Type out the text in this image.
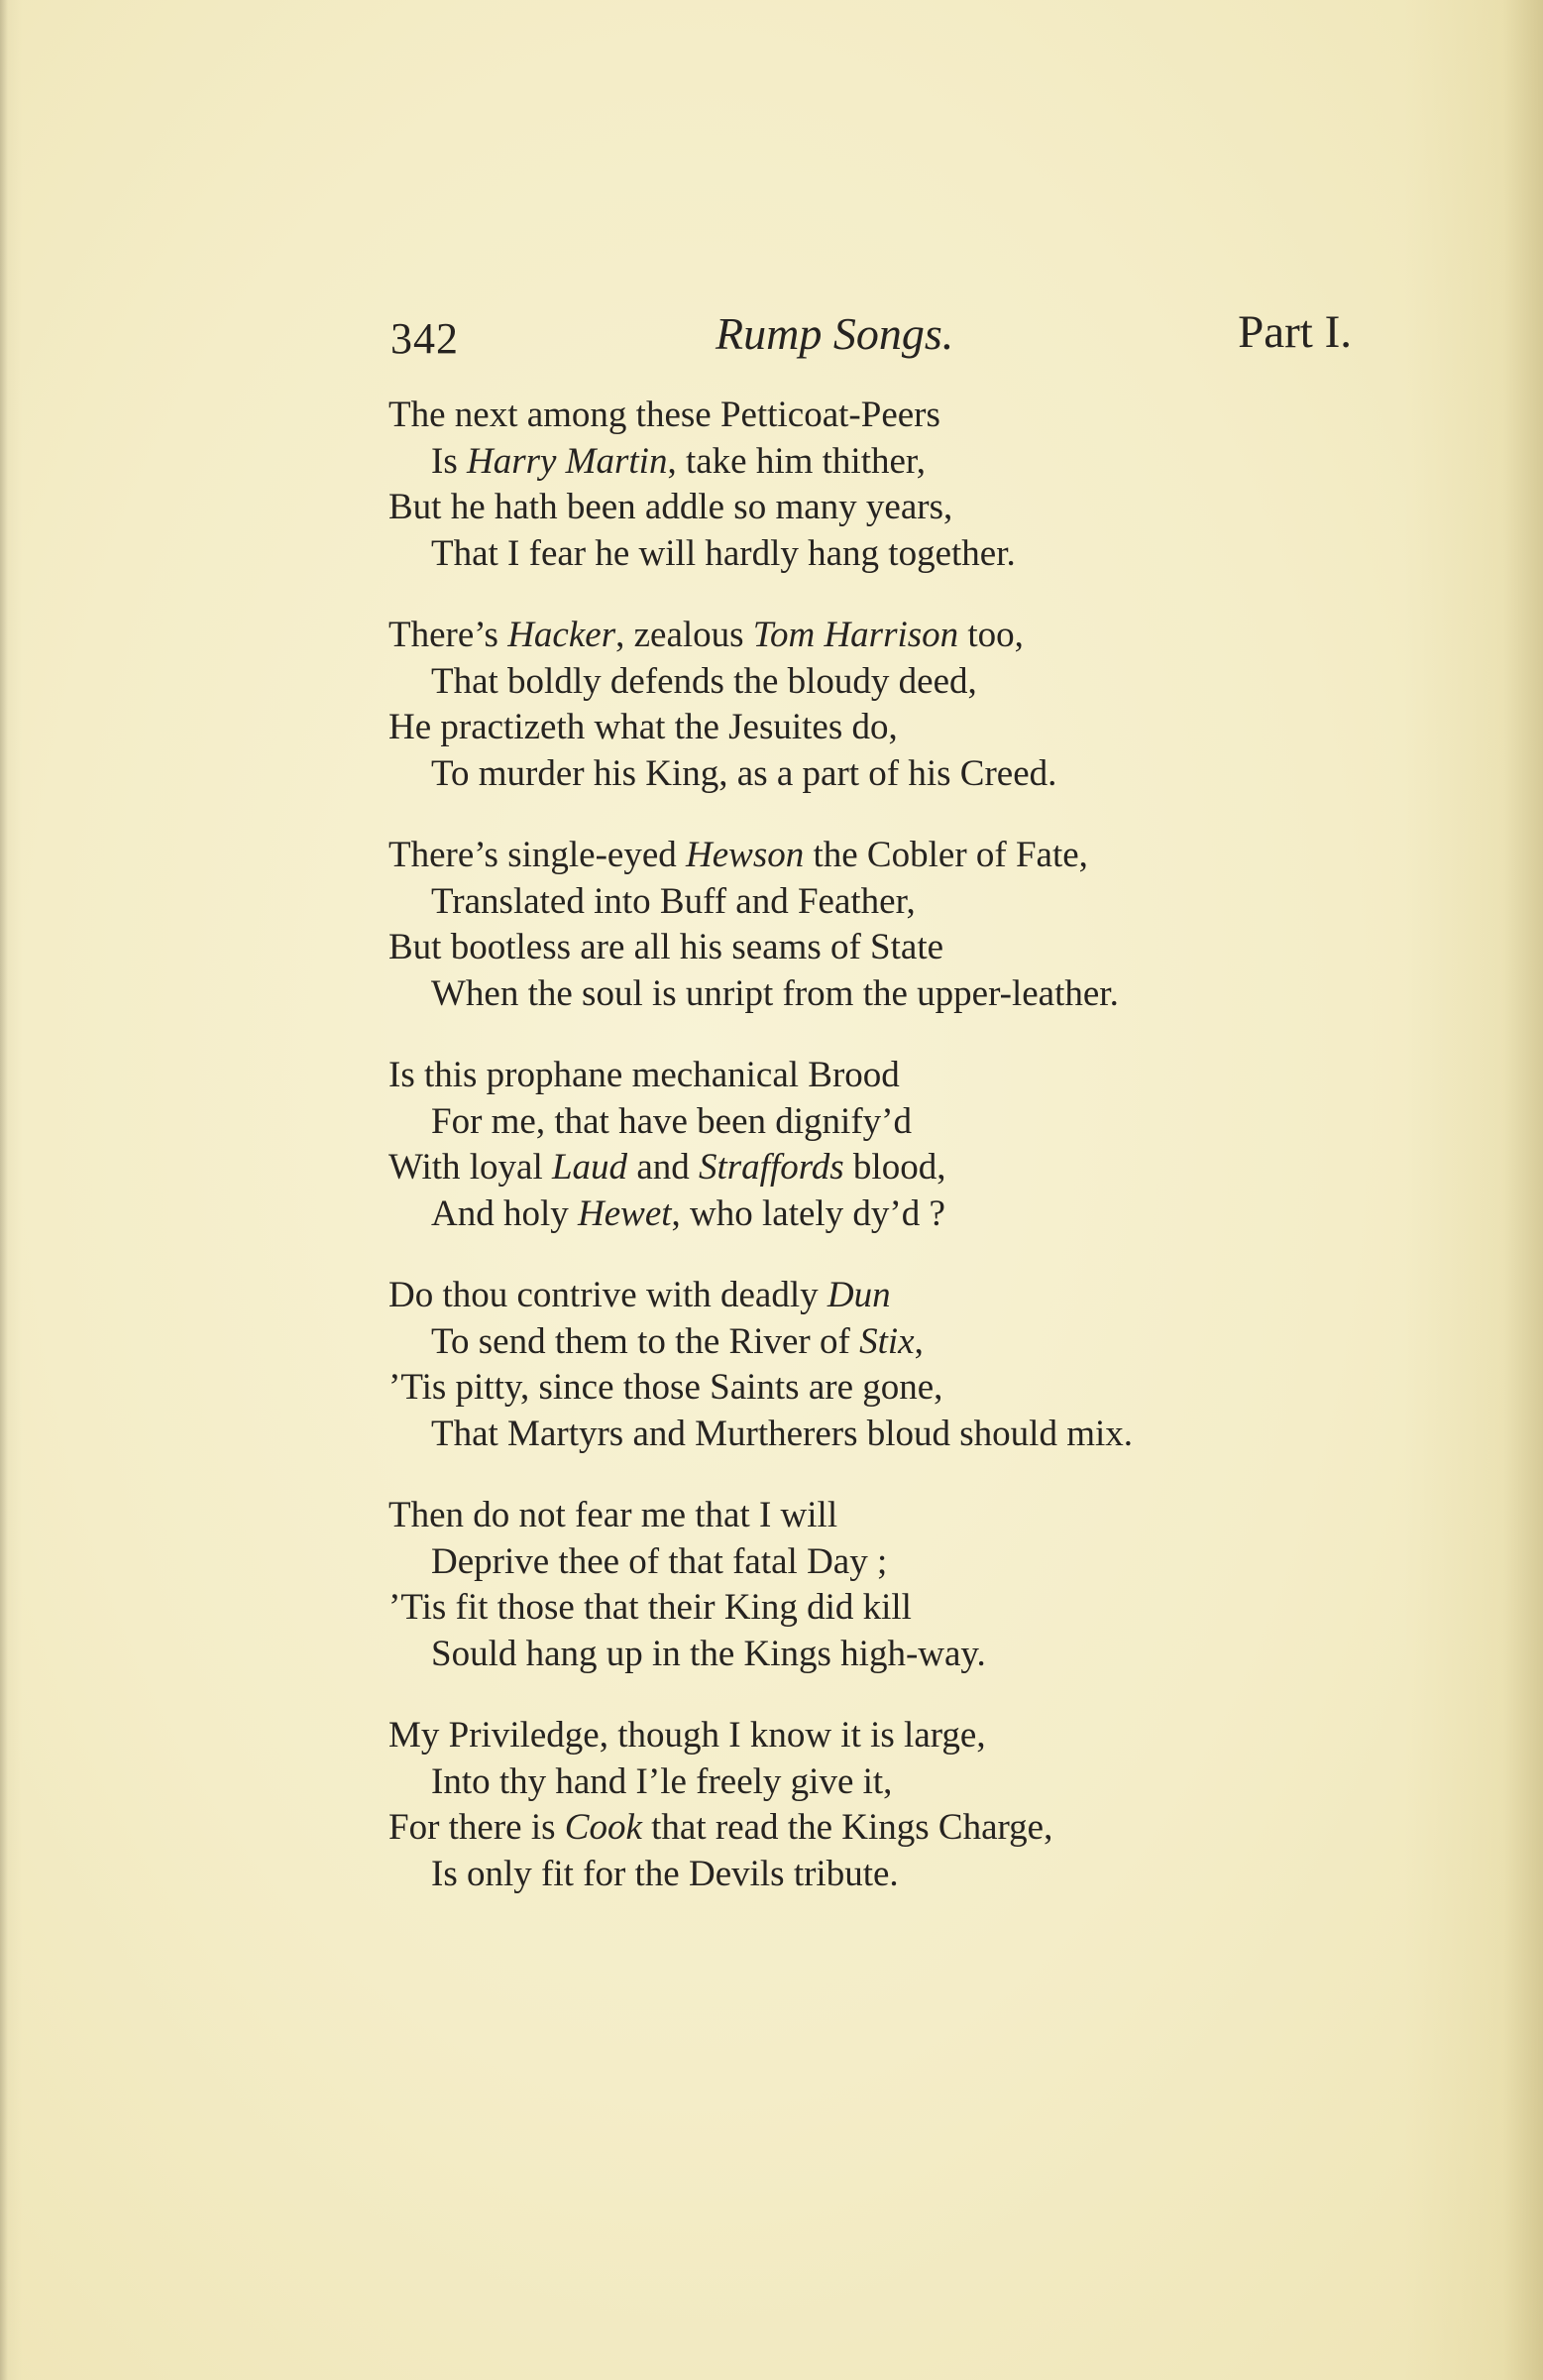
342	Rump Songs.	Part I.
The next among these Petticoat-Peers
Is Harry Martin, take him thither,
But he hath been addle so many years,
That I fear he will hardly hang together.
There’s Hacker, zealous Tom Harrison too,
That boldly defends the bloudy deed,
He practizeth what the Jesuites do,
To murder his King, as a part of his Creed.
There’s single-eyed Hewson the Cobler of Fate,
Translated into Buff and Feather,
But bootless are all his seams of State
When the soul is unript from the upper-leather.
Is this prophane mechanical Brood
For me, that have been dignify’d
With loyal Laud and Straffords blood,
And holy Hewet, who lately dy’d ?
Do thou contrive with deadly Dun
To send them to the River of Stix,
’Tis pitty, since those Saints are gone,
That Martyrs and Murtherers bloud should mix.
Then do not fear me that I will
Deprive thee of that fatal Day ;
’Tis fit those that their King did kill
Sould hang up in the Kings high-way.
My Priviledge, though I know it is large,
Into thy hand I’le freely give it,
For there is Cook that read the Kings Charge,
Is only fit for the Devils tribute.
